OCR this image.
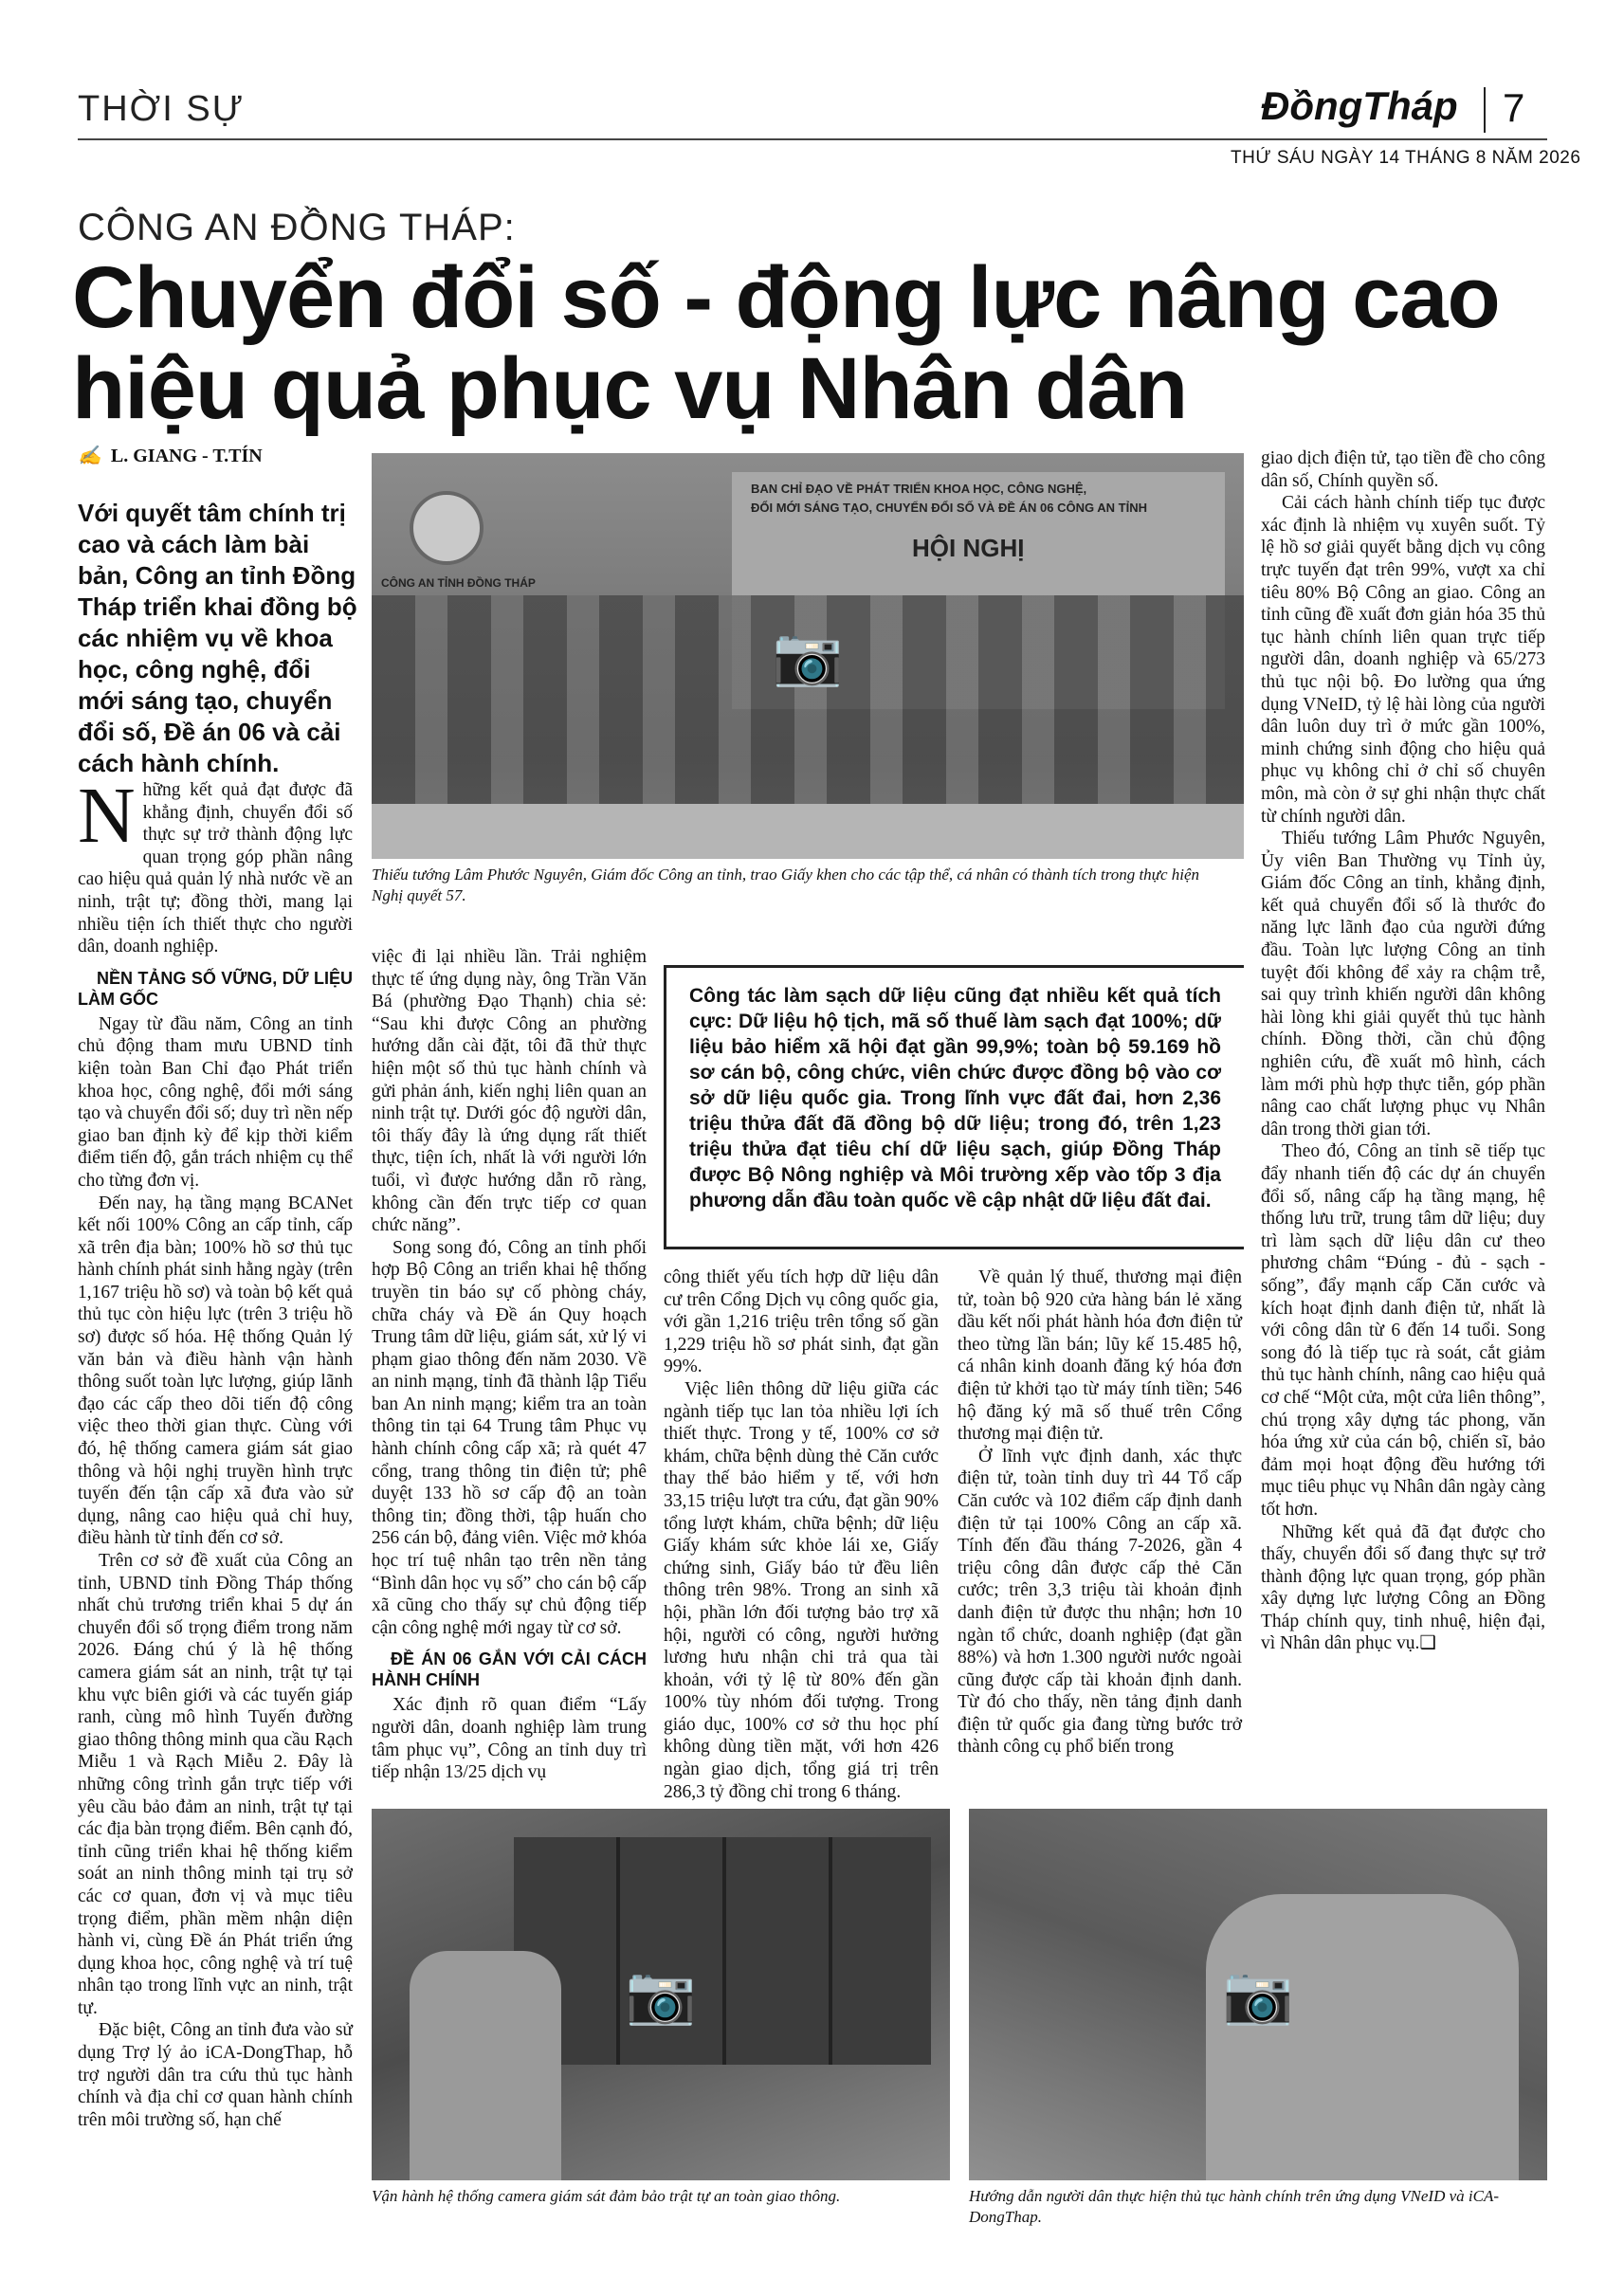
THỜI SỰ	ĐồngTháp 7
THỨ SÁU NGÀY 14 THÁNG 8 NĂM 2026
CÔNG AN ĐỒNG THÁP:
Chuyển đổi số - động lực nâng cao
hiệu quả phục vụ Nhân dân
✍ L. GIANG - T.TÍN
Với quyết tâm chính trị cao và cách làm bài bản, Công an tỉnh Đồng Tháp triển khai đồng bộ các nhiệm vụ về khoa học, công nghệ, đổi mới sáng tạo, chuyển đổi số, Đề án 06 và cải cách hành chính.
BAN CHỈ ĐẠO VỀ PHÁT TRIỂN KHOA HỌC, CÔNG NGHỆ,
ĐỔI MỚI SÁNG TẠO, CHUYỂN ĐỔI SỐ VÀ ĐỀ ÁN 06 CÔNG AN TỈNH
HỘI NGHỊ
CÔNG AN TỈNH ĐỒNG THÁP
📷
Thiếu tướng Lâm Phước Nguyên, Giám đốc Công an tỉnh, trao Giấy khen cho các tập thể, cá nhân có thành tích trong thực hiện Nghị quyết 57.

Những kết quả đạt được đã khẳng định, chuyển đổi số thực sự trở thành động lực quan trọng góp phần nâng cao hiệu quả quản lý nhà nước về an ninh, trật tự; đồng thời, mang lại nhiều tiện ích thiết thực cho người dân, doanh nghiệp.

NỀN TẢNG SỐ VỮNG, DỮ LIỆU LÀM GỐC

Ngay từ đầu năm, Công an tỉnh chủ động tham mưu UBND tỉnh kiện toàn Ban Chỉ đạo Phát triển khoa học, công nghệ, đổi mới sáng tạo và chuyển đổi số; duy trì nền nếp giao ban định kỳ để kịp thời kiểm điểm tiến độ, gắn trách nhiệm cụ thể cho từng đơn vị.

Đến nay, hạ tầng mạng BCANet kết nối 100% Công an cấp tỉnh, cấp xã trên địa bàn; 100% hồ sơ thủ tục hành chính phát sinh hằng ngày (trên 1,167 triệu hồ sơ) và toàn bộ kết quả thủ tục còn hiệu lực (trên 3 triệu hồ sơ) được số hóa. Hệ thống Quản lý văn bản và điều hành vận hành thông suốt toàn lực lượng, giúp lãnh đạo các cấp theo dõi tiến độ công việc theo thời gian thực. Cùng với đó, hệ thống camera giám sát giao thông và hội nghị truyền hình trực tuyến đến tận cấp xã đưa vào sử dụng, nâng cao hiệu quả chỉ huy, điều hành từ tỉnh đến cơ sở.

Trên cơ sở đề xuất của Công an tỉnh, UBND tỉnh Đồng Tháp thống nhất chủ trương triển khai 5 dự án chuyển đổi số trọng điểm trong năm 2026. Đáng chú ý là hệ thống camera giám sát an ninh, trật tự tại khu vực biên giới và các tuyến giáp ranh, cùng mô hình Tuyến đường giao thông thông minh qua cầu Rạch Miễu 1 và Rạch Miễu 2. Đây là những công trình gắn trực tiếp với yêu cầu bảo đảm an ninh, trật tự tại các địa bàn trọng điểm. Bên cạnh đó, tỉnh cũng triển khai hệ thống kiểm soát an ninh thông minh tại trụ sở các cơ quan, đơn vị và mục tiêu trọng điểm, phần mềm nhận diện hành vi, cùng Đề án Phát triển ứng dụng khoa học, công nghệ và trí tuệ nhân tạo trong lĩnh vực an ninh, trật tự.

Đặc biệt, Công an tỉnh đưa vào sử dụng Trợ lý ảo iCA-DongThap, hỗ trợ người dân tra cứu thủ tục hành chính và địa chỉ cơ quan hành chính trên môi trường số, hạn chế

việc đi lại nhiều lần. Trải nghiệm thực tế ứng dụng này, ông Trần Văn Bá (phường Đạo Thạnh) chia sẻ: “Sau khi được Công an phường hướng dẫn cài đặt, tôi đã thử thực hiện một số thủ tục hành chính và gửi phản ánh, kiến nghị liên quan an ninh trật tự. Dưới góc độ người dân, tôi thấy đây là ứng dụng rất thiết thực, tiện ích, nhất là với người lớn tuổi, vì được hướng dẫn rõ ràng, không cần đến trực tiếp cơ quan chức năng”.

Song song đó, Công an tỉnh phối hợp Bộ Công an triển khai hệ thống truyền tin báo sự cố phòng cháy, chữa cháy và Đề án Quy hoạch Trung tâm dữ liệu, giám sát, xử lý vi phạm giao thông đến năm 2030. Về an ninh mạng, tỉnh đã thành lập Tiểu ban An ninh mạng; kiểm tra an toàn thông tin tại 64 Trung tâm Phục vụ hành chính công cấp xã; rà quét 47 cổng, trang thông tin điện tử; phê duyệt 133 hồ sơ cấp độ an toàn thông tin; đồng thời, tập huấn cho 256 cán bộ, đảng viên. Việc mở khóa học trí tuệ nhân tạo trên nền tảng “Bình dân học vụ số” cho cán bộ cấp xã cũng cho thấy sự chủ động tiếp cận công nghệ mới ngay từ cơ sở.

ĐỀ ÁN 06 GẮN VỚI CẢI CÁCH HÀNH CHÍNH

Xác định rõ quan điểm “Lấy người dân, doanh nghiệp làm trung tâm phục vụ”, Công an tỉnh duy trì tiếp nhận 13/25 dịch vụ

Công tác làm sạch dữ liệu cũng đạt nhiều kết quả tích cực: Dữ liệu hộ tịch, mã số thuế làm sạch đạt 100%; dữ liệu bảo hiểm xã hội đạt gần 99,9%; toàn bộ 59.169 hồ sơ cán bộ, công chức, viên chức được đồng bộ vào cơ sở dữ liệu quốc gia. Trong lĩnh vực đất đai, hơn 2,36 triệu thửa đất đã đồng bộ dữ liệu; trong đó, trên 1,23 triệu thửa đạt tiêu chí dữ liệu sạch, giúp Đồng Tháp được Bộ Nông nghiệp và Môi trường xếp vào tốp 3 địa phương dẫn đầu toàn quốc về cập nhật dữ liệu đất đai.

công thiết yếu tích hợp dữ liệu dân cư trên Cổng Dịch vụ công quốc gia, với gần 1,216 triệu trên tổng số gần 1,229 triệu hồ sơ phát sinh, đạt gần 99%.

Việc liên thông dữ liệu giữa các ngành tiếp tục lan tỏa nhiều lợi ích thiết thực. Trong y tế, 100% cơ sở khám, chữa bệnh dùng thẻ Căn cước thay thế bảo hiểm y tế, với hơn 33,15 triệu lượt tra cứu, đạt gần 90% tổng lượt khám, chữa bệnh; dữ liệu Giấy khám sức khỏe lái xe, Giấy chứng sinh, Giấy báo tử đều liên thông trên 98%. Trong an sinh xã hội, phần lớn đối tượng bảo trợ xã hội, người có công, người hưởng lương hưu nhận chi trả qua tài khoản, với tỷ lệ từ 80% đến gần 100% tùy nhóm đối tượng. Trong giáo dục, 100% cơ sở thu học phí không dùng tiền mặt, với hơn 426 ngàn giao dịch, tổng giá trị trên 286,3 tỷ đồng chỉ trong 6 tháng.

Về quản lý thuế, thương mại điện tử, toàn bộ 920 cửa hàng bán lẻ xăng dầu kết nối phát hành hóa đơn điện tử theo từng lần bán; lũy kế 15.485 hộ, cá nhân kinh doanh đăng ký hóa đơn điện tử khởi tạo từ máy tính tiền; 546 hộ đăng ký mã số thuế trên Cổng thương mại điện tử.

Ở lĩnh vực định danh, xác thực điện tử, toàn tỉnh duy trì 44 Tổ cấp Căn cước và 102 điểm cấp định danh điện tử tại 100% Công an cấp xã. Tính đến đầu tháng 7-2026, gần 4 triệu công dân được cấp thẻ Căn cước; trên 3,3 triệu tài khoản định danh điện tử được thu nhận; hơn 10 ngàn tổ chức, doanh nghiệp (đạt gần 88%) và hơn 1.300 người nước ngoài cũng được cấp tài khoản định danh. Từ đó cho thấy, nền tảng định danh điện tử quốc gia đang từng bước trở thành công cụ phổ biến trong

giao dịch điện tử, tạo tiền đề cho công dân số, Chính quyền số.

Cải cách hành chính tiếp tục được xác định là nhiệm vụ xuyên suốt. Tỷ lệ hồ sơ giải quyết bằng dịch vụ công trực tuyến đạt trên 99%, vượt xa chỉ tiêu 80% Bộ Công an giao. Công an tỉnh cũng đề xuất đơn giản hóa 35 thủ tục hành chính liên quan trực tiếp người dân, doanh nghiệp và 65/273 thủ tục nội bộ. Đo lường qua ứng dụng VNeID, tỷ lệ hài lòng của người dân luôn duy trì ở mức gần 100%, minh chứng sinh động cho hiệu quả phục vụ không chỉ ở chỉ số chuyên môn, mà còn ở sự ghi nhận thực chất từ chính người dân.

Thiếu tướng Lâm Phước Nguyên, Ủy viên Ban Thường vụ Tỉnh ủy, Giám đốc Công an tỉnh, khẳng định, kết quả chuyển đổi số là thước đo năng lực lãnh đạo của người đứng đầu. Toàn lực lượng Công an tỉnh tuyệt đối không để xảy ra chậm trễ, sai quy trình khiến người dân không hài lòng khi giải quyết thủ tục hành chính. Đồng thời, cần chủ động nghiên cứu, đề xuất mô hình, cách làm mới phù hợp thực tiễn, góp phần nâng cao chất lượng phục vụ Nhân dân trong thời gian tới.

Theo đó, Công an tỉnh sẽ tiếp tục đẩy nhanh tiến độ các dự án chuyển đổi số, nâng cấp hạ tầng mạng, hệ thống lưu trữ, trung tâm dữ liệu; duy trì làm sạch dữ liệu dân cư theo phương châm “Đúng - đủ - sạch - sống”, đẩy mạnh cấp Căn cước và kích hoạt định danh điện tử, nhất là với công dân từ 6 đến 14 tuổi. Song song đó là tiếp tục rà soát, cắt giảm thủ tục hành chính, nâng cao hiệu quả cơ chế “Một cửa, một cửa liên thông”, chú trọng xây dựng tác phong, văn hóa ứng xử của cán bộ, chiến sĩ, bảo đảm mọi hoạt động đều hướng tới mục tiêu phục vụ Nhân dân ngày càng tốt hơn.

Những kết quả đã đạt được cho thấy, chuyển đổi số đang thực sự trở thành động lực quan trọng, góp phần xây dựng lực lượng Công an Đồng Tháp chính quy, tinh nhuệ, hiện đại, vì Nhân dân phục vụ.❑

📷
Vận hành hệ thống camera giám sát đảm bảo trật tự an toàn giao thông.
📷
Hướng dẫn người dân thực hiện thủ tục hành chính trên ứng dụng VNeID và iCA-DongThap.
